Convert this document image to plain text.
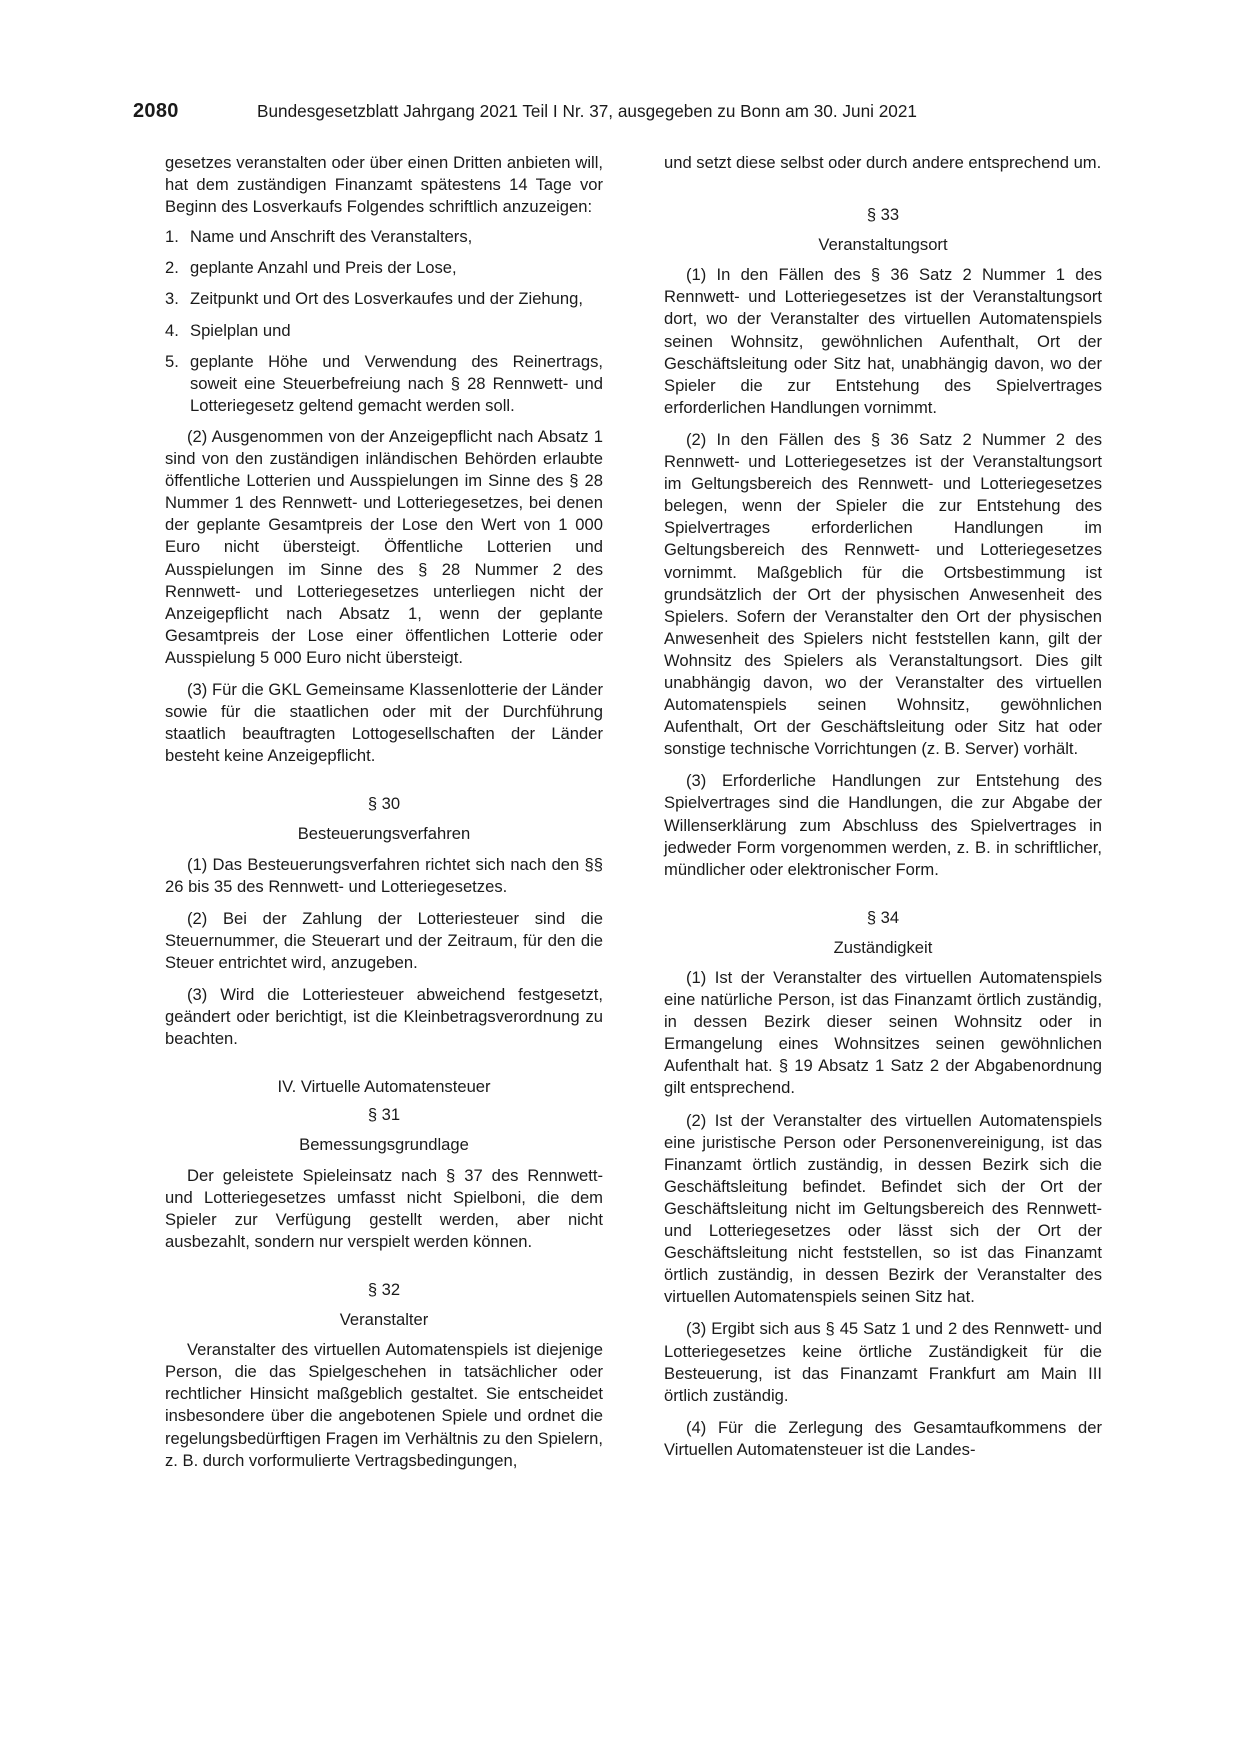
2080	Bundesgesetzblatt Jahrgang 2021 Teil I Nr. 37, ausgegeben zu Bonn am 30. Juni 2021

gesetzes veranstalten oder über einen Dritten anbieten will, hat dem zuständigen Finanzamt spätestens 14 Tage vor Beginn des Losverkaufs Folgendes schriftlich anzuzeigen:

1. Name und Anschrift des Veranstalters,
2. geplante Anzahl und Preis der Lose,
3. Zeitpunkt und Ort des Losverkaufes und der Ziehung,
4. Spielplan und
5. geplante Höhe und Verwendung des Reinertrags, soweit eine Steuerbefreiung nach § 28 Rennwett- und Lotteriegesetz geltend gemacht werden soll.

(2) Ausgenommen von der Anzeigepflicht nach Absatz 1 sind von den zuständigen inländischen Behörden erlaubte öffentliche Lotterien und Ausspielungen im Sinne des § 28 Nummer 1 des Rennwett- und Lotteriegesetzes, bei denen der geplante Gesamtpreis der Lose den Wert von 1 000 Euro nicht übersteigt. Öffentliche Lotterien und Ausspielungen im Sinne des § 28 Nummer 2 des Rennwett- und Lotteriegesetzes unterliegen nicht der Anzeigepflicht nach Absatz 1, wenn der geplante Gesamtpreis der Lose einer öffentlichen Lotterie oder Ausspielung 5 000 Euro nicht übersteigt.

(3) Für die GKL Gemeinsame Klassenlotterie der Länder sowie für die staatlichen oder mit der Durchführung staatlich beauftragten Lottogesellschaften der Länder besteht keine Anzeigepflicht.

§ 30
Besteuerungsverfahren

(1) Das Besteuerungsverfahren richtet sich nach den §§ 26 bis 35 des Rennwett- und Lotteriegesetzes.

(2) Bei der Zahlung der Lotteriesteuer sind die Steuernummer, die Steuerart und der Zeitraum, für den die Steuer entrichtet wird, anzugeben.

(3) Wird die Lotteriesteuer abweichend festgesetzt, geändert oder berichtigt, ist die Kleinbetragsverordnung zu beachten.

IV. Virtuelle Automatensteuer
§ 31
Bemessungsgrundlage

Der geleistete Spieleinsatz nach § 37 des Rennwett- und Lotteriegesetzes umfasst nicht Spielboni, die dem Spieler zur Verfügung gestellt werden, aber nicht ausbezahlt, sondern nur verspielt werden können.

§ 32
Veranstalter

Veranstalter des virtuellen Automatenspiels ist diejenige Person, die das Spielgeschehen in tatsächlicher oder rechtlicher Hinsicht maßgeblich gestaltet. Sie entscheidet insbesondere über die angebotenen Spiele und ordnet die regelungsbedürftigen Fragen im Verhältnis zu den Spielern, z. B. durch vorformulierte Vertragsbedingungen,

und setzt diese selbst oder durch andere entsprechend um.

§ 33
Veranstaltungsort

(1) In den Fällen des § 36 Satz 2 Nummer 1 des Rennwett- und Lotteriegesetzes ist der Veranstaltungsort dort, wo der Veranstalter des virtuellen Automatenspiels seinen Wohnsitz, gewöhnlichen Aufenthalt, Ort der Geschäftsleitung oder Sitz hat, unabhängig davon, wo der Spieler die zur Entstehung des Spielvertrages erforderlichen Handlungen vornimmt.

(2) In den Fällen des § 36 Satz 2 Nummer 2 des Rennwett- und Lotteriegesetzes ist der Veranstaltungsort im Geltungsbereich des Rennwett- und Lotteriegesetzes belegen, wenn der Spieler die zur Entstehung des Spielvertrages erforderlichen Handlungen im Geltungsbereich des Rennwett- und Lotteriegesetzes vornimmt. Maßgeblich für die Ortsbestimmung ist grundsätzlich der Ort der physischen Anwesenheit des Spielers. Sofern der Veranstalter den Ort der physischen Anwesenheit des Spielers nicht feststellen kann, gilt der Wohnsitz des Spielers als Veranstaltungsort. Dies gilt unabhängig davon, wo der Veranstalter des virtuellen Automatenspiels seinen Wohnsitz, gewöhnlichen Aufenthalt, Ort der Geschäftsleitung oder Sitz hat oder sonstige technische Vorrichtungen (z. B. Server) vorhält.

(3) Erforderliche Handlungen zur Entstehung des Spielvertrages sind die Handlungen, die zur Abgabe der Willenserklärung zum Abschluss des Spielvertrages in jedweder Form vorgenommen werden, z. B. in schriftlicher, mündlicher oder elektronischer Form.

§ 34
Zuständigkeit

(1) Ist der Veranstalter des virtuellen Automatenspiels eine natürliche Person, ist das Finanzamt örtlich zuständig, in dessen Bezirk dieser seinen Wohnsitz oder in Ermangelung eines Wohnsitzes seinen gewöhnlichen Aufenthalt hat. § 19 Absatz 1 Satz 2 der Abgabenordnung gilt entsprechend.

(2) Ist der Veranstalter des virtuellen Automatenspiels eine juristische Person oder Personenvereinigung, ist das Finanzamt örtlich zuständig, in dessen Bezirk sich die Geschäftsleitung befindet. Befindet sich der Ort der Geschäftsleitung nicht im Geltungsbereich des Rennwett- und Lotteriegesetzes oder lässt sich der Ort der Geschäftsleitung nicht feststellen, so ist das Finanzamt örtlich zuständig, in dessen Bezirk der Veranstalter des virtuellen Automatenspiels seinen Sitz hat.

(3) Ergibt sich aus § 45 Satz 1 und 2 des Rennwett- und Lotteriegesetzes keine örtliche Zuständigkeit für die Besteuerung, ist das Finanzamt Frankfurt am Main III örtlich zuständig.

(4) Für die Zerlegung des Gesamtaufkommens der Virtuellen Automatensteuer ist die Landes-
